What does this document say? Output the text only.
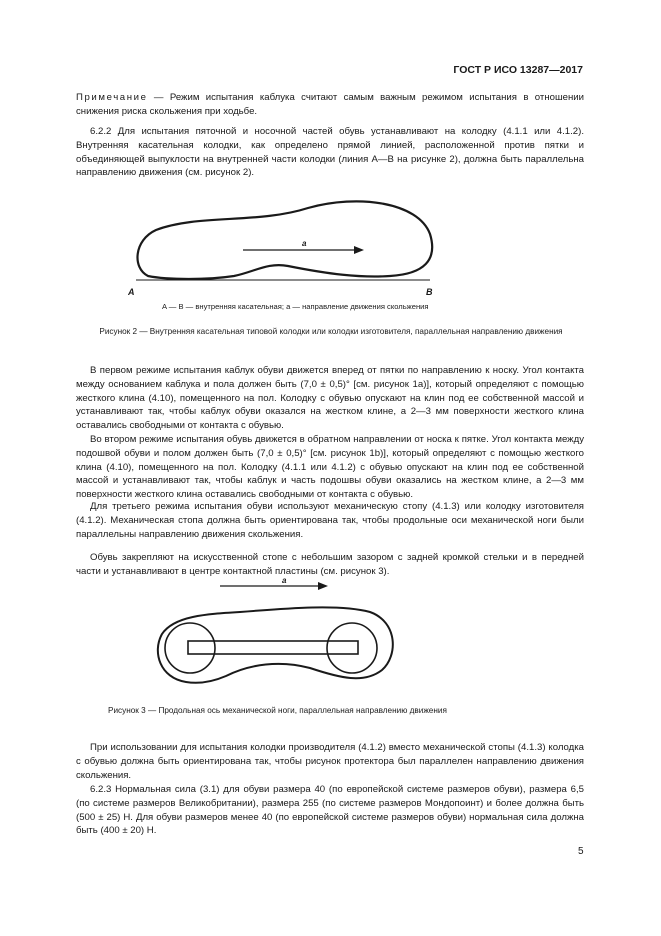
ГОСТ Р ИСО 13287—2017

Примечание — Режим испытания каблука считают самым важным режимом испытания в отношении снижения риска скольжения при ходьбе.

6.2.2 Для испытания пяточной и носочной частей обувь устанавливают на колодку (4.1.1 или 4.1.2). Внутренняя касательная колодки, как определено прямой линией, расположенной против пятки и объединяющей выпуклости на внутренней части колодки (линия A—B на рисунке 2), должна быть параллельна направлению движения (см. рисунок 2).

a
A	B

A — B — внутренняя касательная; a — направление движения скольжения

Рисунок 2 — Внутренняя касательная типовой колодки или колодки изготовителя, параллельная направлению движения

В первом режиме испытания каблук обуви движется вперед от пятки по направлению к носку. Угол контакта между основанием каблука и пола должен быть (7,0 ± 0,5)° [см. рисунок 1а)], который определяют с помощью жесткого клина (4.10), помещенного на пол. Колодку с обувью опускают на клин под ее собственной массой и устанавливают так, чтобы каблук обуви оказался на жестком клине, а 2—3 мм поверхности жесткого клина оставались свободными от контакта с обувью.

Во втором режиме испытания обувь движется в обратном направлении от носка к пятке. Угол контакта между подошвой обуви и полом должен быть (7,0 ± 0,5)° [см. рисунок 1b)], который определяют с помощью жесткого клина (4.10), помещенного на пол. Колодку (4.1.1 или 4.1.2) с обувью опускают на клин под ее собственной массой и устанавливают так, чтобы каблук и часть подошвы обуви оказались на жестком клине, а 2—3 мм поверхности жесткого клина оставались свободными от контакта с обувью.

Для третьего режима испытания обуви используют механическую стопу (4.1.3) или колодку изготовителя (4.1.2). Механическая стопа должна быть ориентирована так, чтобы продольные оси механической ноги были параллельны направлению движения скольжения.

Обувь закрепляют на искусственной стопе с небольшим зазором с задней кромкой стельки и в передней части и устанавливают в центре контактной пластины (см. рисунок 3).

a

Рисунок 3 — Продольная ось механической ноги, параллельная направлению движения

При использовании для испытания колодки производителя (4.1.2) вместо механической стопы (4.1.3) колодка с обувью должна быть ориентирована так, чтобы рисунок протектора был параллелен направлению движения скольжения.

6.2.3 Нормальная сила (3.1) для обуви размера 40 (по европейской системе размеров обуви), размера 6,5 (по системе размеров Великобритании), размера 255 (по системе размеров Мондопоинт) и более должна быть (500 ± 25) Н. Для обуви размеров менее 40 (по европейской системе размеров обуви) нормальная сила должна быть (400 ± 20) Н.

5
